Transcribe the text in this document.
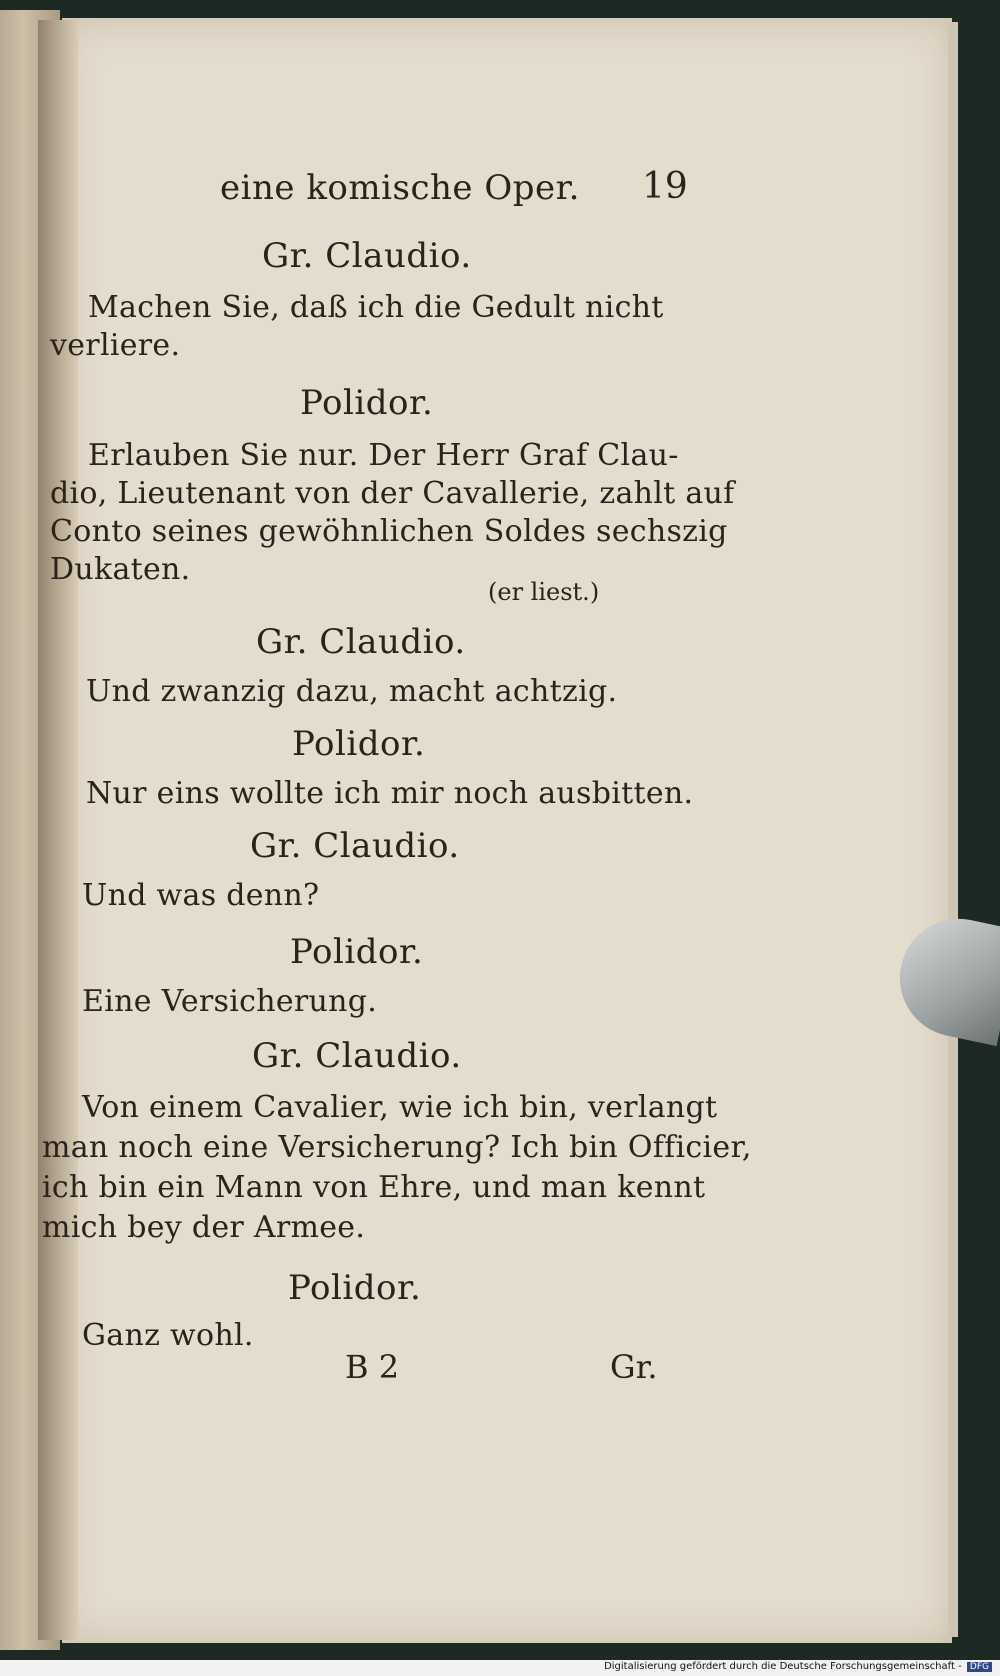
eine komische Oper. 19
Gr. Claudio.
Machen Sie, daß ich die Gedult nicht
verliere.
Polidor.
Erlauben Sie nur. Der Herr Graf Clau-
dio, Lieutenant von der Cavallerie, zahlt auf
Conto seines gewöhnlichen Soldes sechszig
Dukaten.
(er liest.)
Gr. Claudio.
Und zwanzig dazu, macht achtzig.
Polidor.
Nur eins wollte ich mir noch ausbitten.
Gr. Claudio.
Und was denn?
Polidor.
Eine Versicherung.
Gr. Claudio.
Von einem Cavalier, wie ich bin, verlangt
man noch eine Versicherung? Ich bin Officier,
ich bin ein Mann von Ehre, und man kennt
mich bey der Armee.
Polidor.
Ganz wohl.
B 2	Gr.
Digitalisierung gefördert durch die Deutsche Forschungsgemeinschaft - DFG
